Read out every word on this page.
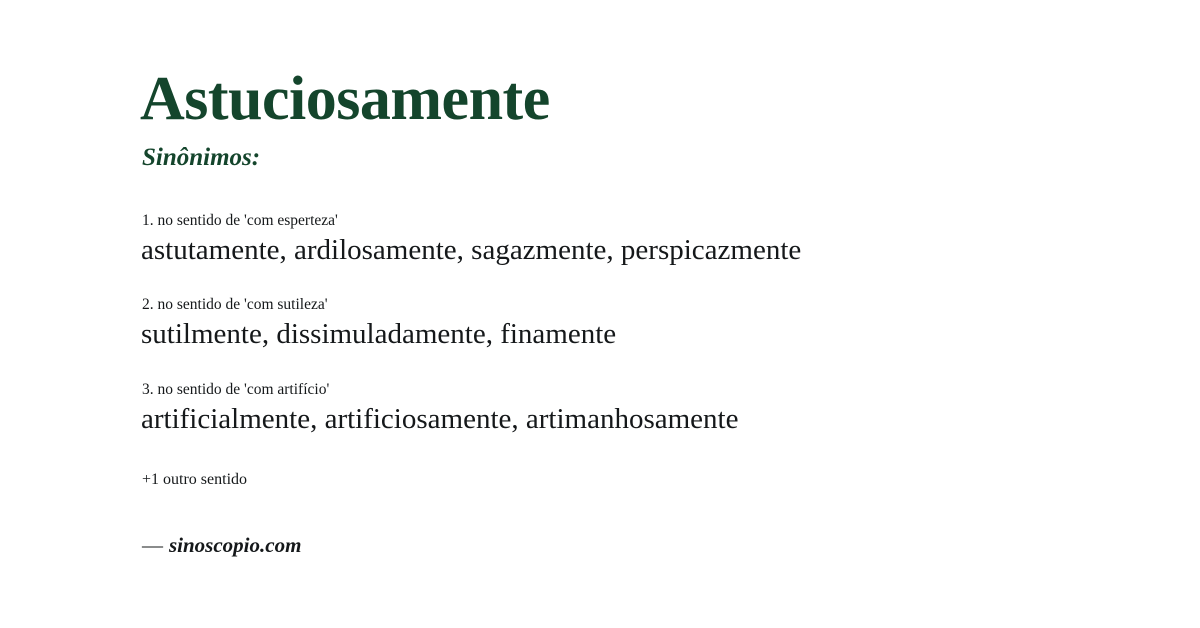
Astuciosamente
Sinônimos:
1. no sentido de 'com esperteza'
astutamente, ardilosamente, sagazmente, perspicazmente
2. no sentido de 'com sutileza'
sutilmente, dissimuladamente, finamente
3. no sentido de 'com artifício'
artificialmente, artificiosamente, artimanhosamente
+1 outro sentido
— sinoscopio.com
